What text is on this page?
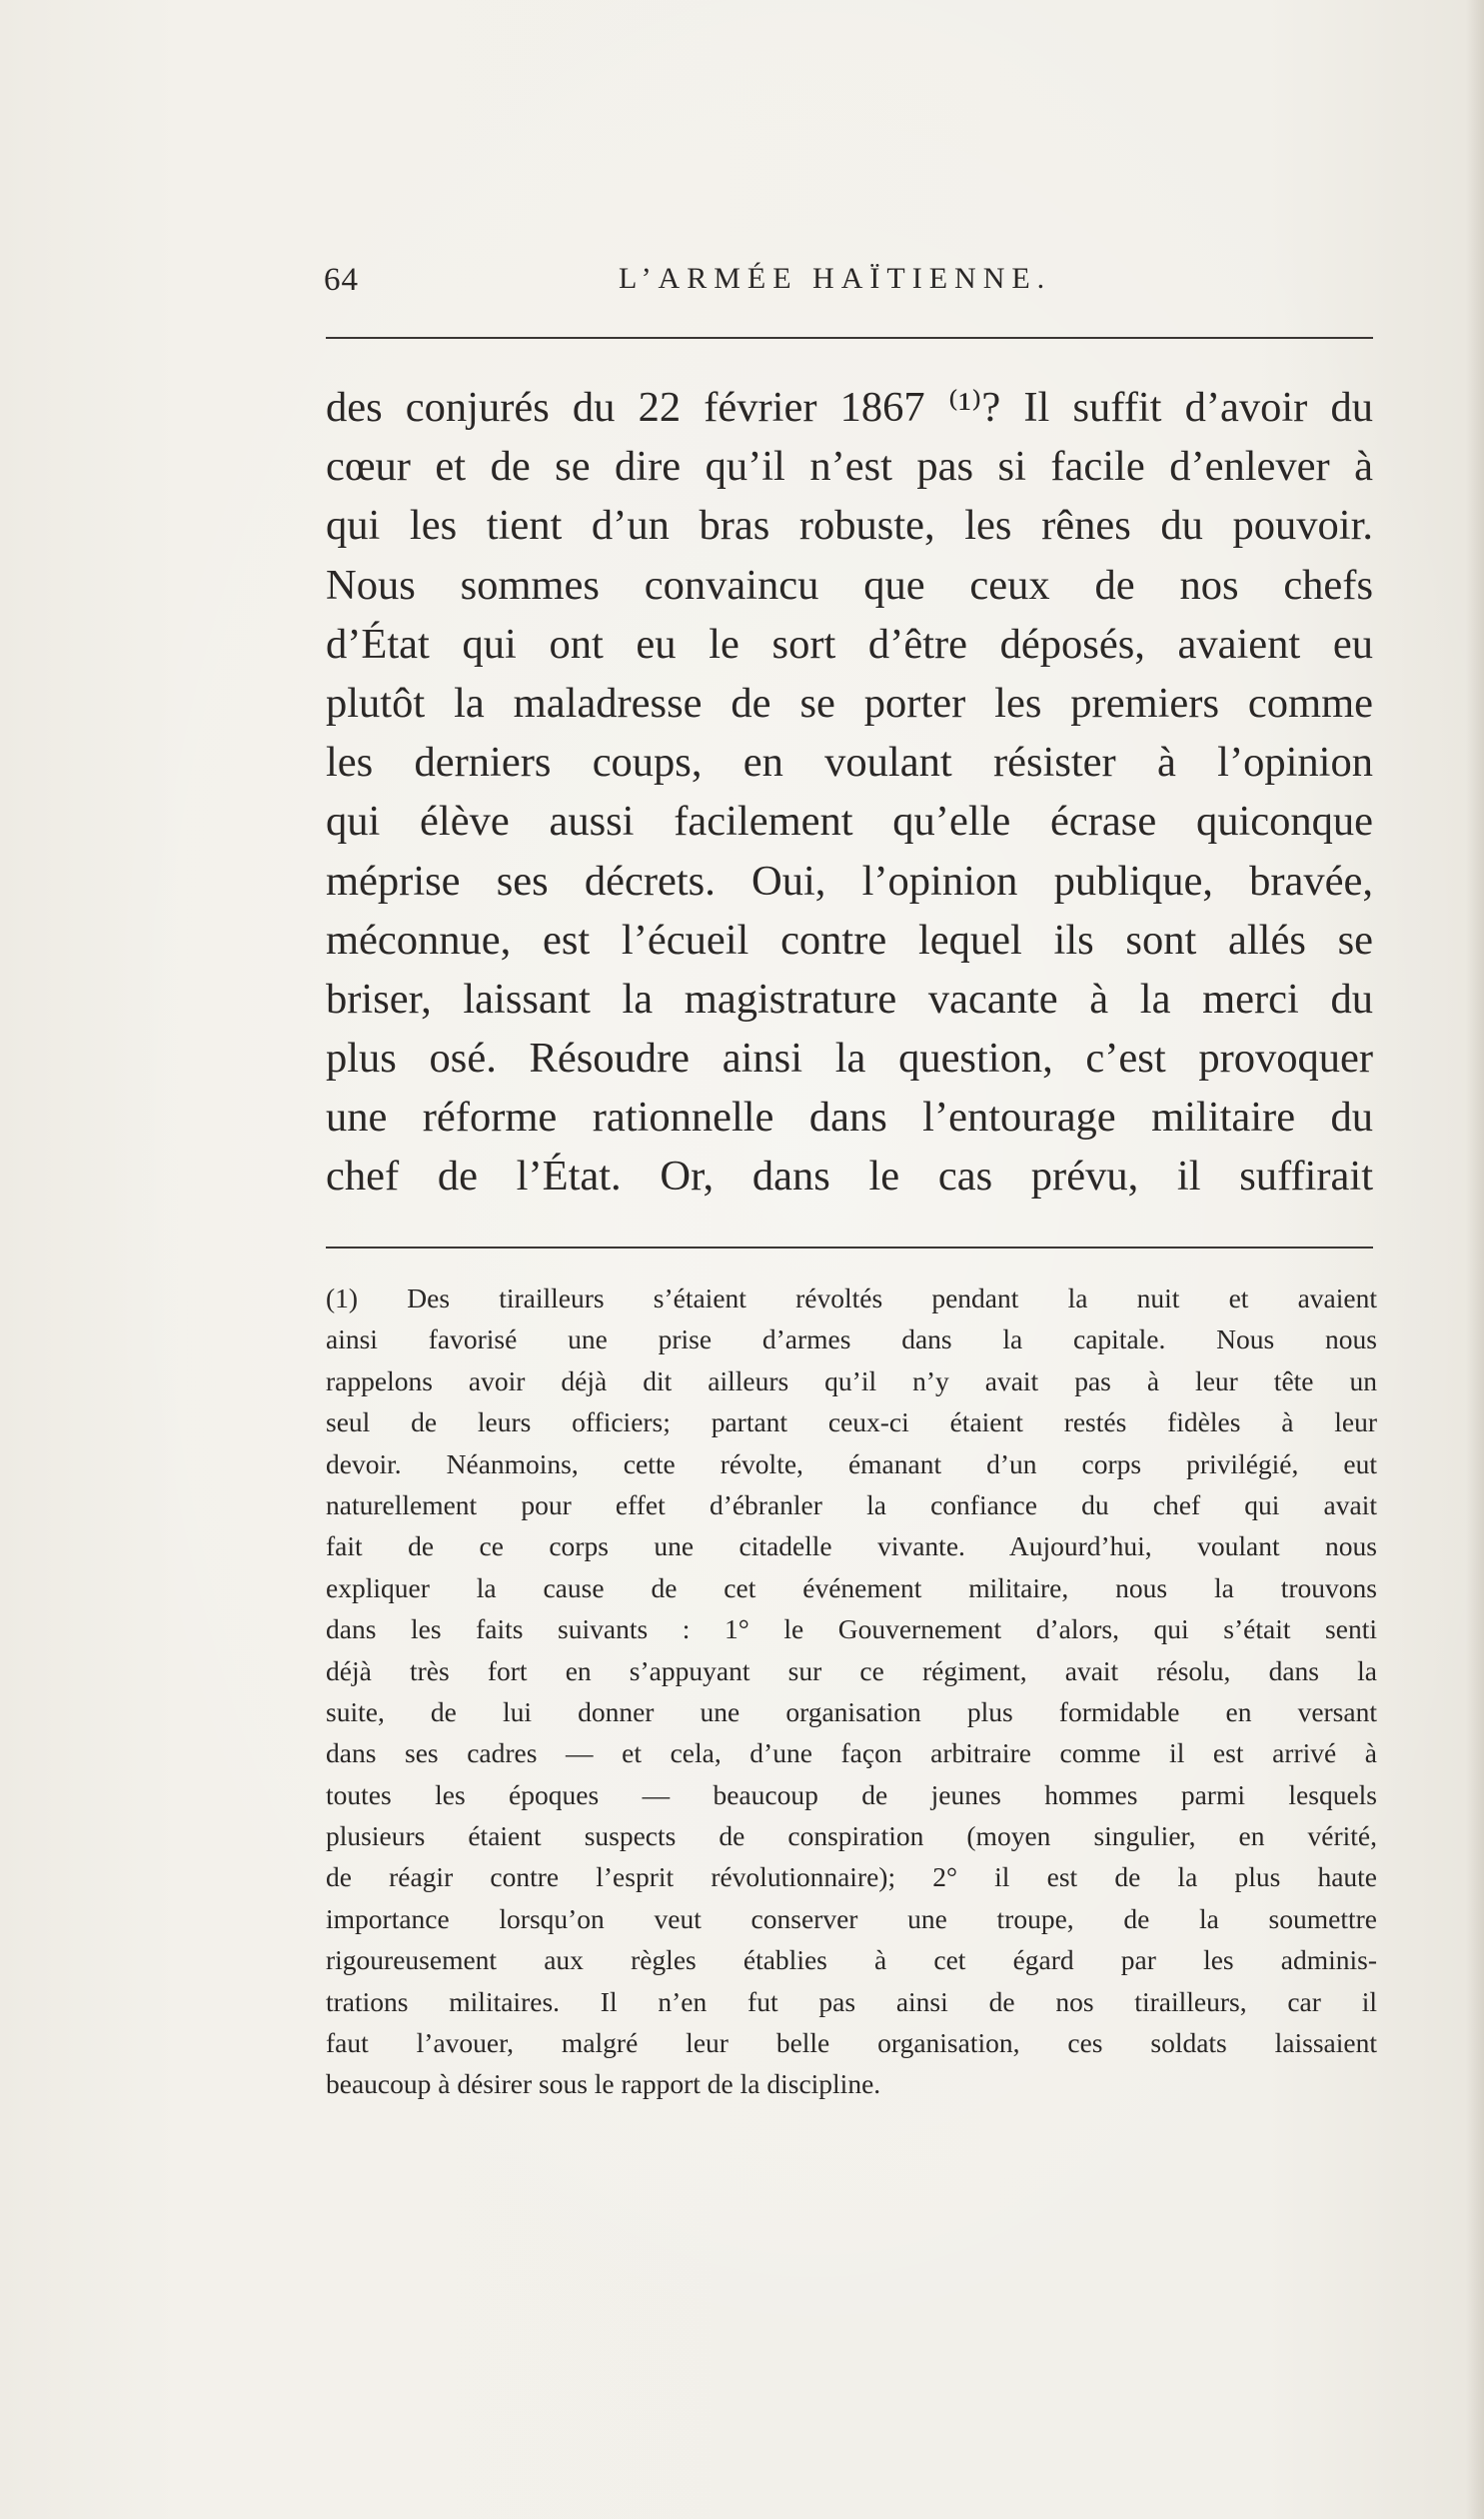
64	L’ARMÉE HAÏTIENNE.
des conjurés du 22 février 1867 ⁽¹⁾? Il suffit d’avoir du
cœur et de se dire qu’il n’est pas si facile d’enlever à
qui les tient d’un bras robuste, les rênes du pouvoir.
Nous sommes convaincu que ceux de nos chefs
d’État qui ont eu le sort d’être déposés, avaient eu
plutôt la maladresse de se porter les premiers comme
les derniers coups, en voulant résister à l’opinion
qui élève aussi facilement qu’elle écrase quiconque
méprise ses décrets. Oui, l’opinion publique, bravée,
méconnue, est l’écueil contre lequel ils sont allés se
briser, laissant la magistrature vacante à la merci du
plus osé. Résoudre ainsi la question, c’est provoquer
une réforme rationnelle dans l’entourage militaire du
chef de l’État. Or, dans le cas prévu, il suffirait
(1) Des tirailleurs s’étaient révoltés pendant la nuit et avaient
ainsi favorisé une prise d’armes dans la capitale. Nous nous
rappelons avoir déjà dit ailleurs qu’il n’y avait pas à leur tête un
seul de leurs officiers; partant ceux-ci étaient restés fidèles à leur
devoir. Néanmoins, cette révolte, émanant d’un corps privilégié, eut
naturellement pour effet d’ébranler la confiance du chef qui avait
fait de ce corps une citadelle vivante. Aujourd’hui, voulant nous
expliquer la cause de cet événement militaire, nous la trouvons
dans les faits suivants : 1° le Gouvernement d’alors, qui s’était senti
déjà très fort en s’appuyant sur ce régiment, avait résolu, dans la
suite, de lui donner une organisation plus formidable en versant
dans ses cadres — et cela, d’une façon arbitraire comme il est arrivé à
toutes les époques — beaucoup de jeunes hommes parmi lesquels
plusieurs étaient suspects de conspiration (moyen singulier, en vérité,
de réagir contre l’esprit révolutionnaire); 2° il est de la plus haute
importance lorsqu’on veut conserver une troupe, de la soumettre
rigoureusement aux règles établies à cet égard par les adminis-
trations militaires. Il n’en fut pas ainsi de nos tirailleurs, car il
faut l’avouer, malgré leur belle organisation, ces soldats laissaient
beaucoup à désirer sous le rapport de la discipline.
